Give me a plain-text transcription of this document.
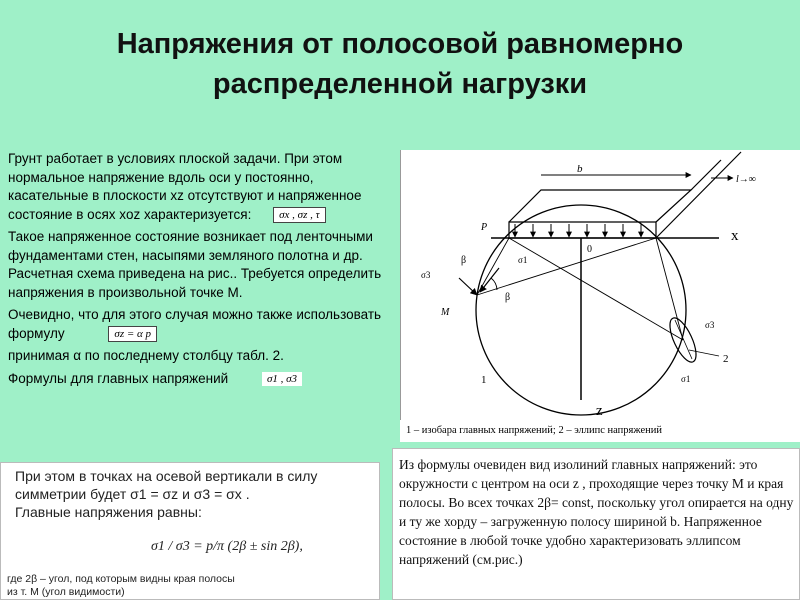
Напряжения от полосовой равномерно
распределенной нагрузки

Грунт работает в условиях плоской задачи. При этом нормальное напряжение вдоль оси у постоянно, касательные в плоскости xz отсутствуют и напряженное состояние в осях xoz характеризуется:	σx , σz , τ

Такое напряженное состояние возникает под ленточными фундаментами стен, насыпями земляного полотна и др. Расчетная схема приведена на рис.. Требуется определить напряжения в произвольной точке M.

Очевидно, что для этого случая можно также использовать формулу	σz = α p

принимая α по последнему столбцу табл. 2.

Формулы для главных напряжений	σ1 , σ3

b
l→∞
P
x
z
0
M
β
β
σ1
σ3
σ3
σ1
1
2
1 – изобара главных напряжений; 2 – эллипс напряжений
При этом в точках на осевой вертикали в силу
симметрии будет σ1 = σz и σ3 = σx .
Главные напряжения равны:
σ1 / σ3 = p/π (2β ± sin 2β),
где 2β – угол, под которым видны края полосы
из т. M (угол видимости)

Из формулы очевиден вид изолиний главных напряжений: это окружности с центром на оси z , проходящие через точку M и края полосы. Во всех точках 2β= const, поскольку угол опирается на одну и ту же хорду – загруженную полосу шириной b. Напряженное состояние в любой точке удобно характеризовать эллипсом напряжений (см.рис.)
